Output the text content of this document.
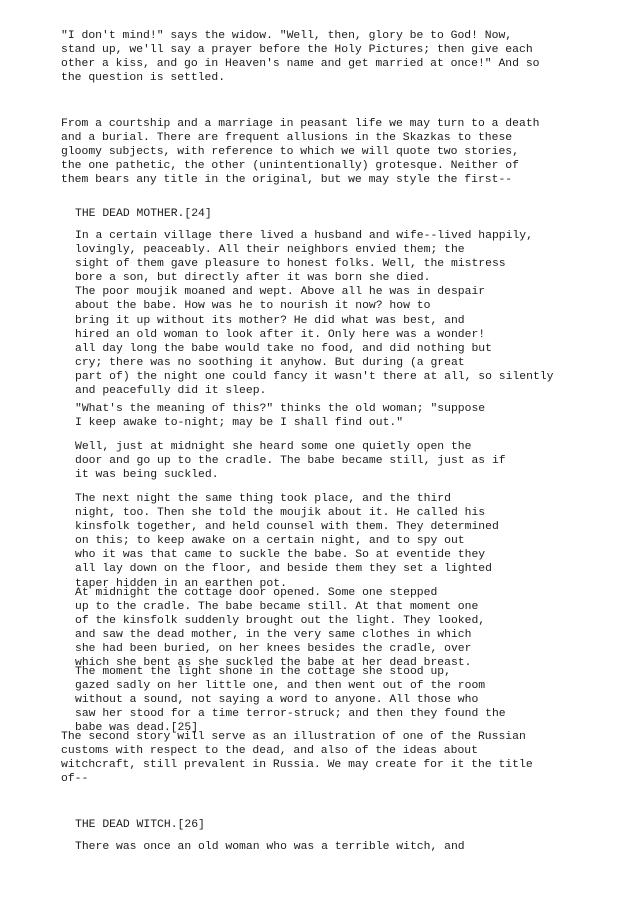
"I don't mind!" says the widow. "Well, then, glory be to God! Now,
stand up, we'll say a prayer before the Holy Pictures; then give each
other a kiss, and go in Heaven's name and get married at once!" And so
the question is settled.
From a courtship and a marriage in peasant life we may turn to a death
and a burial. There are frequent allusions in the Skazkas to these
gloomy subjects, with reference to which we will quote two stories,
the one pathetic, the other (unintentionally) grotesque. Neither of
them bears any title in the original, but we may style the first--
THE DEAD MOTHER.[24]
In a certain village there lived a husband and wife--lived happily,
lovingly, peaceably. All their neighbors envied them; the
sight of them gave pleasure to honest folks. Well, the mistress
bore a son, but directly after it was born she died.
The poor moujik moaned and wept. Above all he was in despair
about the babe. How was he to nourish it now? how to
bring it up without its mother? He did what was best, and
hired an old woman to look after it. Only here was a wonder!
all day long the babe would take no food, and did nothing but
cry; there was no soothing it anyhow. But during (a great
part of) the night one could fancy it wasn't there at all, so silently
and peacefully did it sleep.
"What's the meaning of this?" thinks the old woman; "suppose
I keep awake to-night; may be I shall find out."
Well, just at midnight she heard some one quietly open the
door and go up to the cradle. The babe became still, just as if
it was being suckled.
The next night the same thing took place, and the third
night, too. Then she told the moujik about it. He called his
kinsfolk together, and held counsel with them. They determined
on this; to keep awake on a certain night, and to spy out
who it was that came to suckle the babe. So at eventide they
all lay down on the floor, and beside them they set a lighted
taper hidden in an earthen pot.
At midnight the cottage door opened. Some one stepped
up to the cradle. The babe became still. At that moment one
of the kinsfolk suddenly brought out the light. They looked,
and saw the dead mother, in the very same clothes in which
she had been buried, on her knees besides the cradle, over
which she bent as she suckled the babe at her dead breast.
The moment the light shone in the cottage she stood up,
gazed sadly on her little one, and then went out of the room
without a sound, not saying a word to anyone. All those who
saw her stood for a time terror-struck; and then they found the
babe was dead.[25]
The second story will serve as an illustration of one of the Russian
customs with respect to the dead, and also of the ideas about
witchcraft, still prevalent in Russia. We may create for it the title
of--
THE DEAD WITCH.[26]
There was once an old woman who was a terrible witch, and
